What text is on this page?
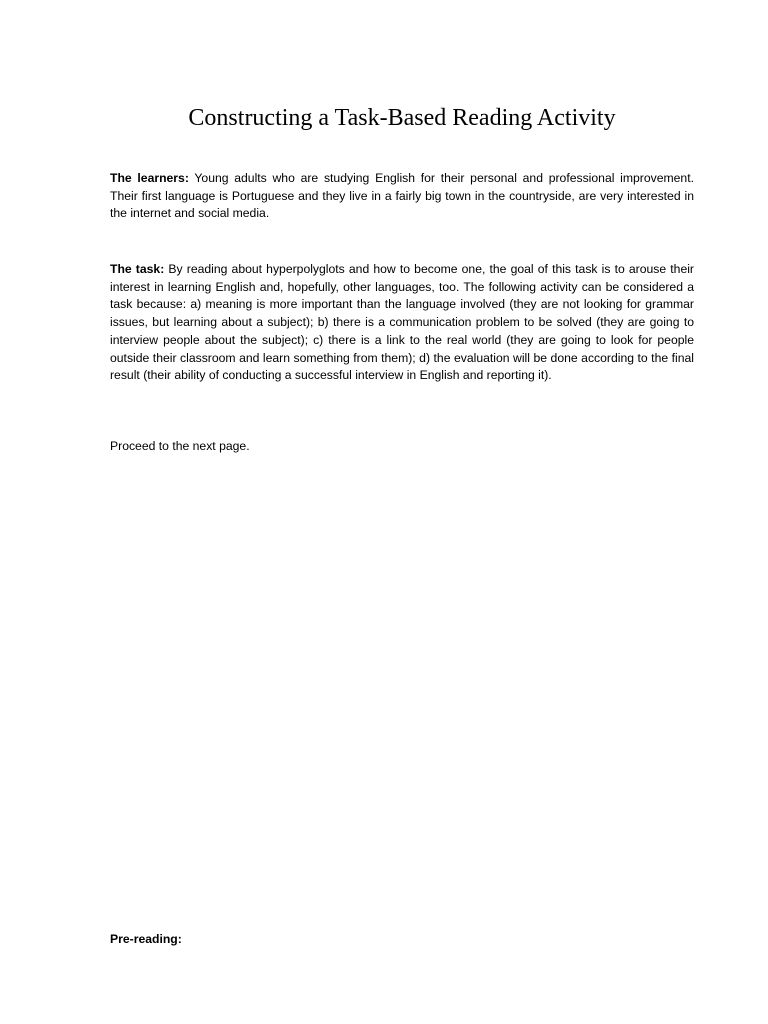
Constructing a Task-Based Reading Activity

The learners: Young adults who are studying English for their personal and professional improvement. Their first language is Portuguese and they live in a fairly big town in the countryside, are very interested in the internet and social media.

The task: By reading about hyperpolyglots and how to become one, the goal of this task is to arouse their interest in learning English and, hopefully, other languages, too. The following activity can be considered a task because: a) meaning is more important than the language involved (they are not looking for grammar issues, but learning about a subject); b) there is a communication problem to be solved (they are going to interview people about the subject); c) there is a link to the real world (they are going to look for people outside their classroom and learn something from them); d) the evaluation will be done according to the final result (their ability of conducting a successful interview in English and reporting it).

Proceed to the next page.

Pre-reading:
